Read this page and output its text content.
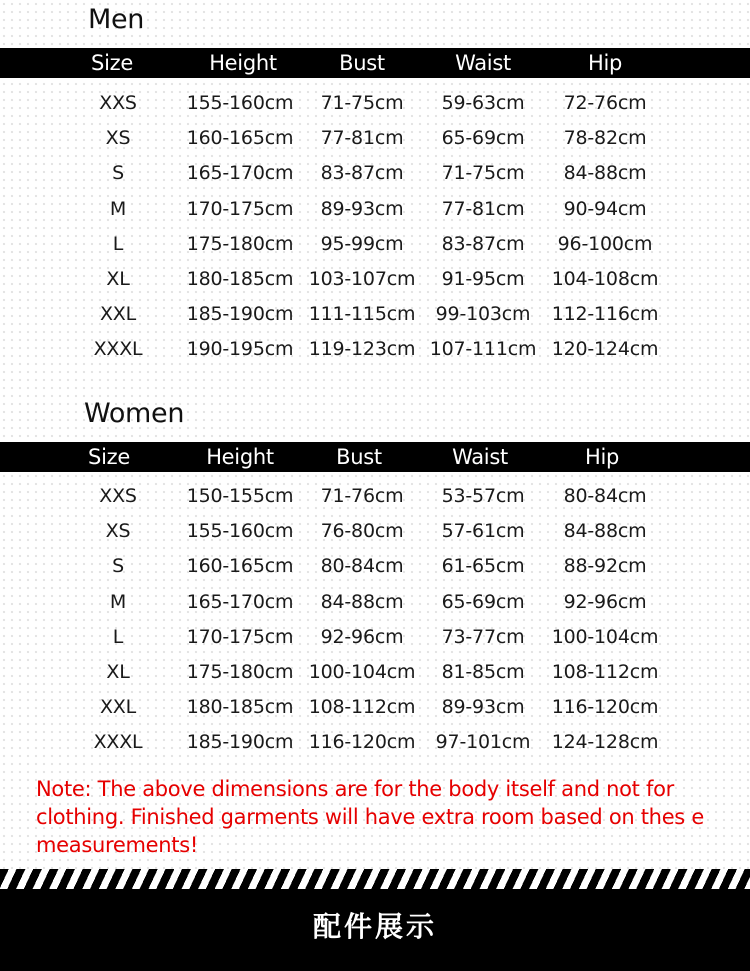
Men
Size	Height	Bust	Waist	Hip
XXS	155-160cm 71-75cm 59-63cm 72-76cm
XS	160-165cm 77-81cm 65-69cm 78-82cm
S	165-170cm 83-87cm 71-75cm 84-88cm
M	170-175cm 89-93cm 77-81cm 90-94cm
L	175-180cm 95-99cm 83-87cm 96-100cm
XL	180-185cm 103-107cm 91-95cm 104-108cm
XXL	185-190cm 111-115cm 99-103cm 112-116cm
XXXL 190-195cm 119-123cm 107-111cm 120-124cm
Women
Size	Height	Bust	Waist	Hip
XXS	150-155cm 71-76cm 53-57cm 80-84cm
XS	155-160cm 76-80cm 57-61cm 84-88cm
S	160-165cm 80-84cm 61-65cm 88-92cm
M	165-170cm 84-88cm 65-69cm 92-96cm
L	170-175cm 92-96cm 73-77cm 100-104cm
XL	175-180cm 100-104cm 81-85cm 108-112cm
XXL	180-185cm 108-112cm 89-93cm 116-120cm
XXXL 185-190cm 116-120cm 97-101cm 124-128cm
Note: The above dimensions are for the body itself and not for clothing. Finished garments will have extra room based on thes e measurements!
配件展示
